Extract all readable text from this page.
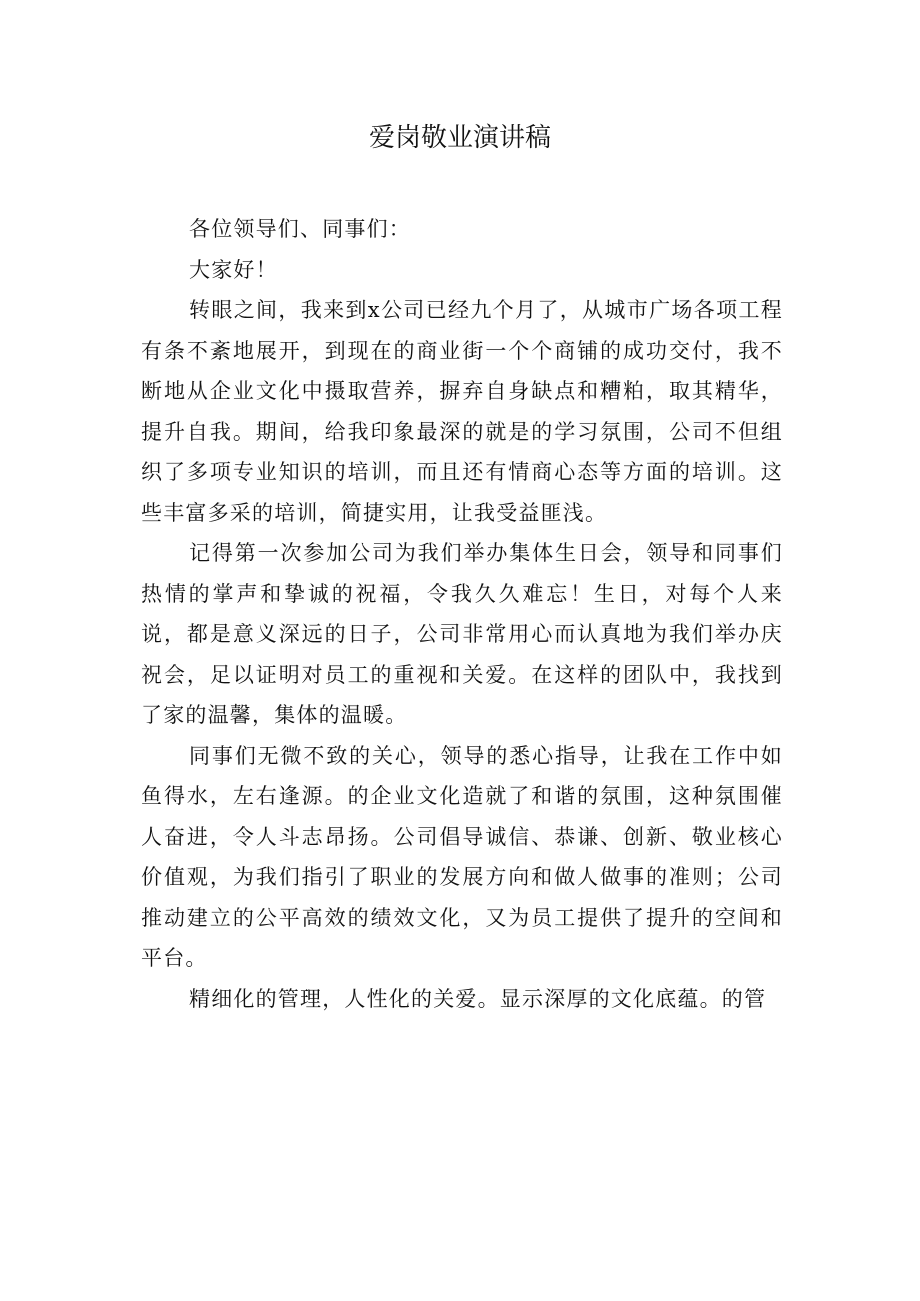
爱岗敬业演讲稿

各位领导们、同事们：

大家好！

转眼之间，我来到x公司已经九个月了，从城市广场各项工程有条不紊地展开，到现在的商业街一个个商铺的成功交付，我不断地从企业文化中摄取营养，摒弃自身缺点和糟粕，取其精华，提升自我。期间，给我印象最深的就是的学习氛围，公司不但组织了多项专业知识的培训，而且还有情商心态等方面的培训。这些丰富多采的培训，简捷实用，让我受益匪浅。

记得第一次参加公司为我们举办集体生日会，领导和同事们热情的掌声和挚诚的祝福，令我久久难忘！生日，对每个人来说，都是意义深远的日子，公司非常用心而认真地为我们举办庆祝会，足以证明对员工的重视和关爱。在这样的团队中，我找到了家的温馨，集体的温暖。

同事们无微不致的关心，领导的悉心指导，让我在工作中如鱼得水，左右逢源。的企业文化造就了和谐的氛围，这种氛围催人奋进，令人斗志昂扬。公司倡导诚信、恭谦、创新、敬业核心价值观，为我们指引了职业的发展方向和做人做事的准则；公司推动建立的公平高效的绩效文化，又为员工提供了提升的空间和平台。

精细化的管理，人性化的关爱。显示深厚的文化底蕴。的管
